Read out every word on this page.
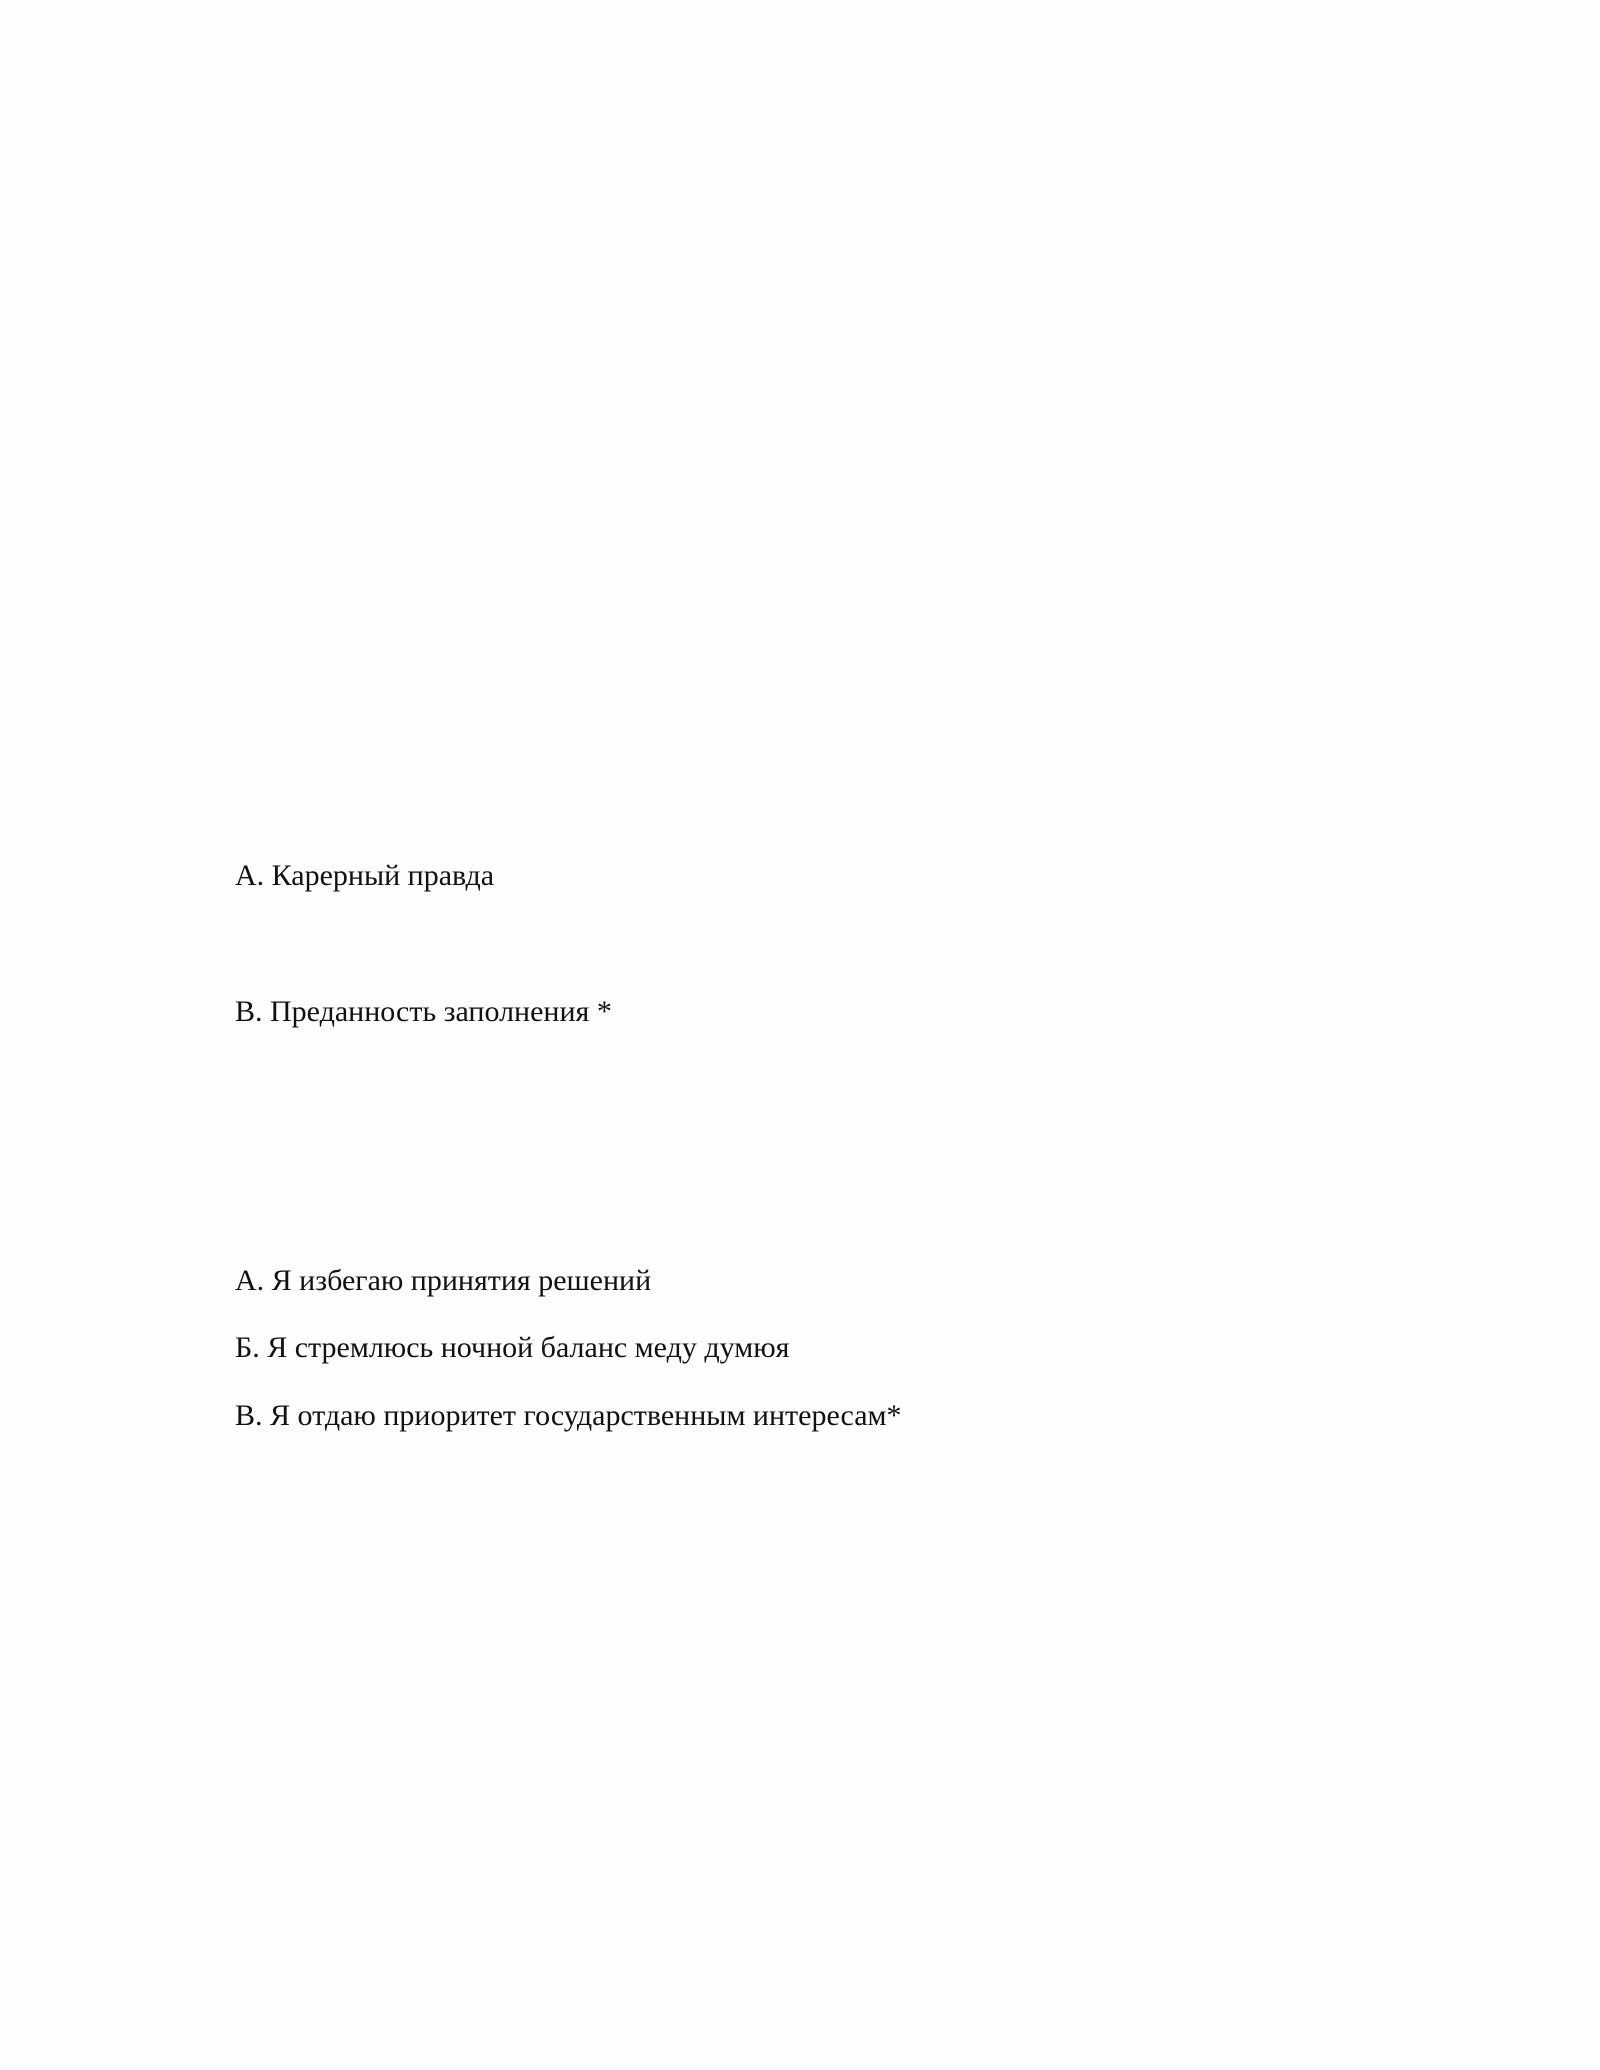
А. Карерный правда
В. Преданность заполнения *
А. Я избегаю принятия решений
Б. Я стремлюсь ночной баланс меду думюя
В. Я отдаю приоритет государственным интересам*
